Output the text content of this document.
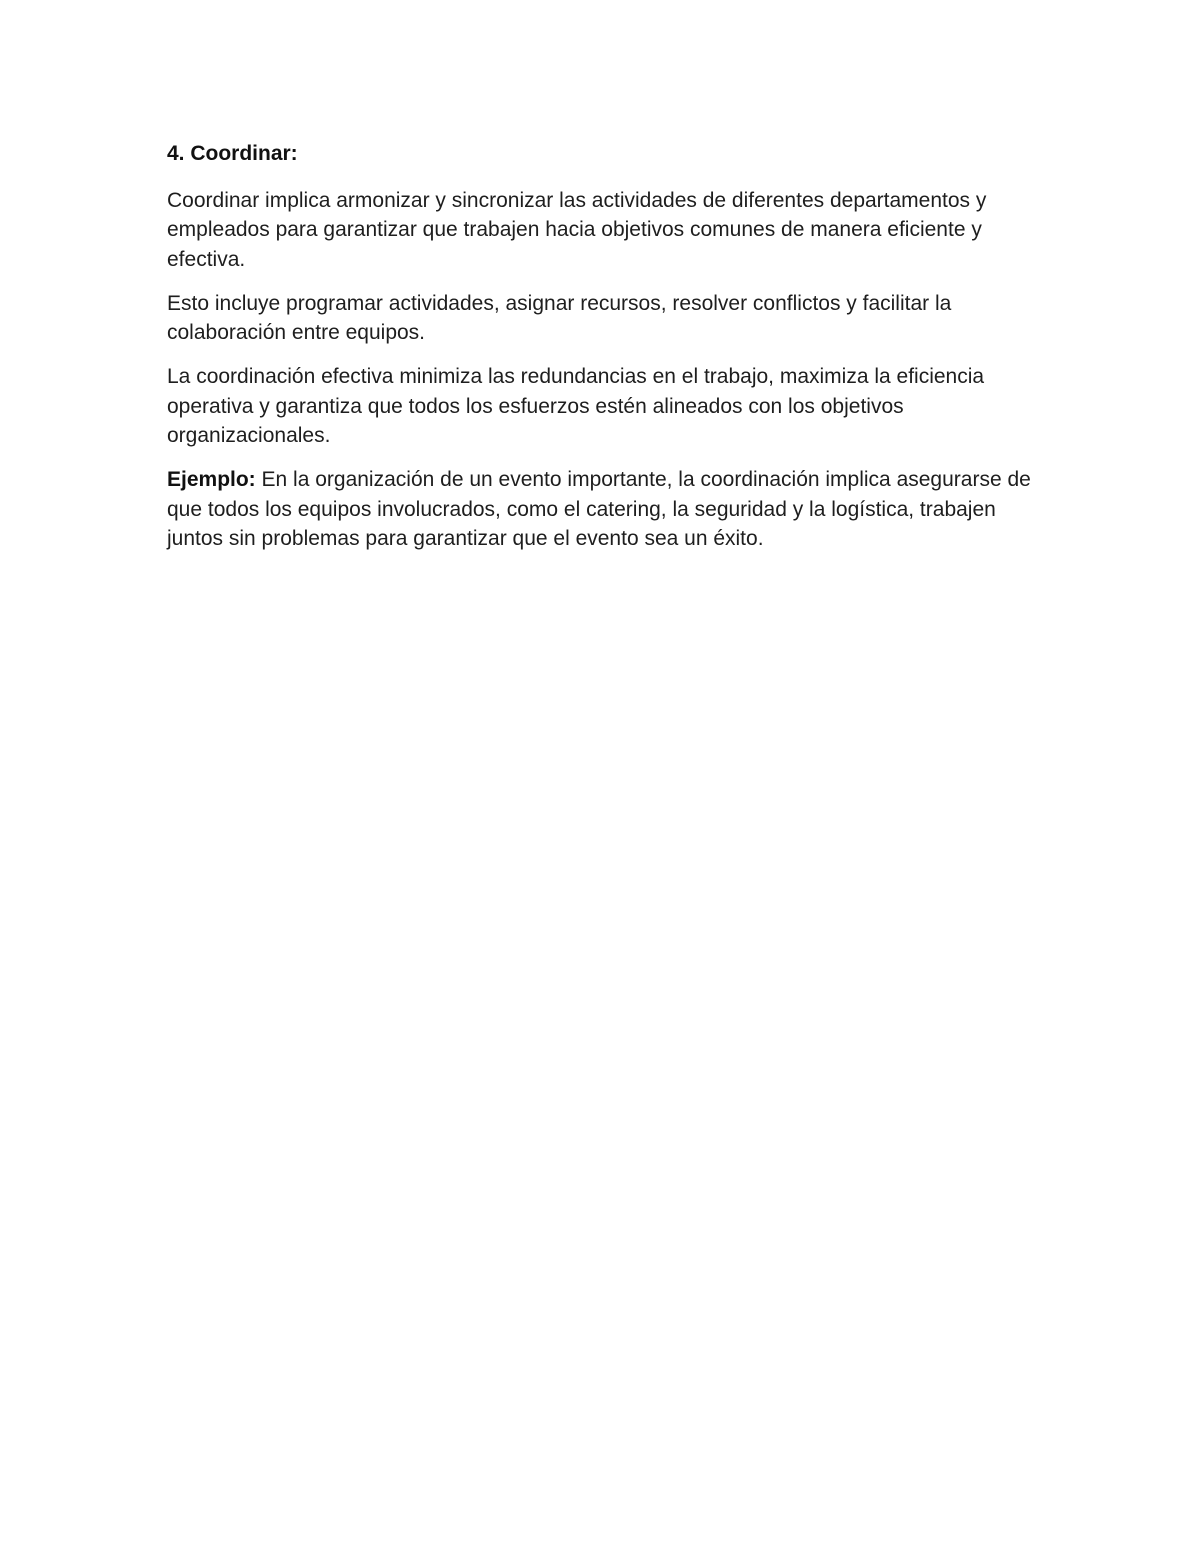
4. Coordinar:

Coordinar implica armonizar y sincronizar las actividades de diferentes departamentos y empleados para garantizar que trabajen hacia objetivos comunes de manera eficiente y efectiva.

Esto incluye programar actividades, asignar recursos, resolver conflictos y facilitar la colaboración entre equipos.

La coordinación efectiva minimiza las redundancias en el trabajo, maximiza la eficiencia operativa y garantiza que todos los esfuerzos estén alineados con los objetivos organizacionales.

Ejemplo: En la organización de un evento importante, la coordinación implica asegurarse de que todos los equipos involucrados, como el catering, la seguridad y la logística, trabajen juntos sin problemas para garantizar que el evento sea un éxito.
